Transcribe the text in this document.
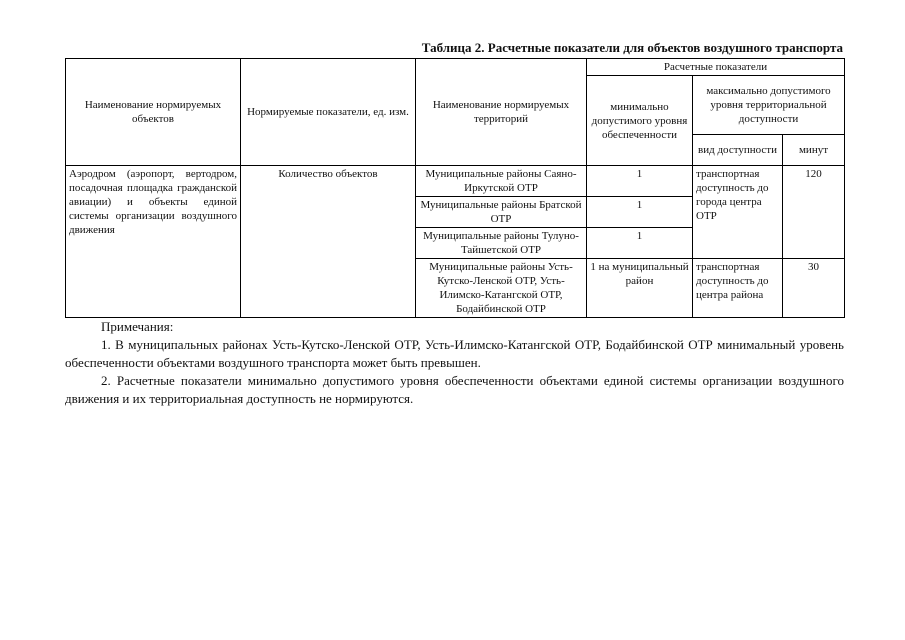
Таблица 2. Расчетные показатели для объектов воздушного транспорта
Наименование нормируемых объектов	Нормируемые показатели, ед. изм.	Наименование нормируемых территорий	Расчетные показатели		
			минимально допустимого уровня обеспеченности	максимально допустимого уровня территориальной доступности	
				вид доступности	минут
Аэродром (аэропорт, вертодром, посадочная площадка гражданской авиации) и объекты единой системы организации воздушного движения	Количество объектов	Муниципальные районы Саяно-Иркутской ОТР	1	транспортная доступность до города центра ОТР	120
		Муниципальные районы Братской ОТР	1		
		Муниципальные районы Тулуно-Тайшетской ОТР	1		
		Муниципальные районы Усть-Кутско-Ленской ОТР, Усть-Илимско-Катангской ОТР, Бодайбинской ОТР	1 на муниципальный район	транспортная доступность до центра района	30

Примечания:

1. В муниципальных районах Усть-Кутско-Ленской ОТР, Усть-Илимско-Катангской ОТР, Бодайбинской ОТР минимальный уровень обеспеченности объектами воздушного транспорта может быть превышен.

2. Расчетные показатели минимально допустимого уровня обеспеченности объектами единой системы организации воздушного движения и их территориальная доступность не нормируются.
